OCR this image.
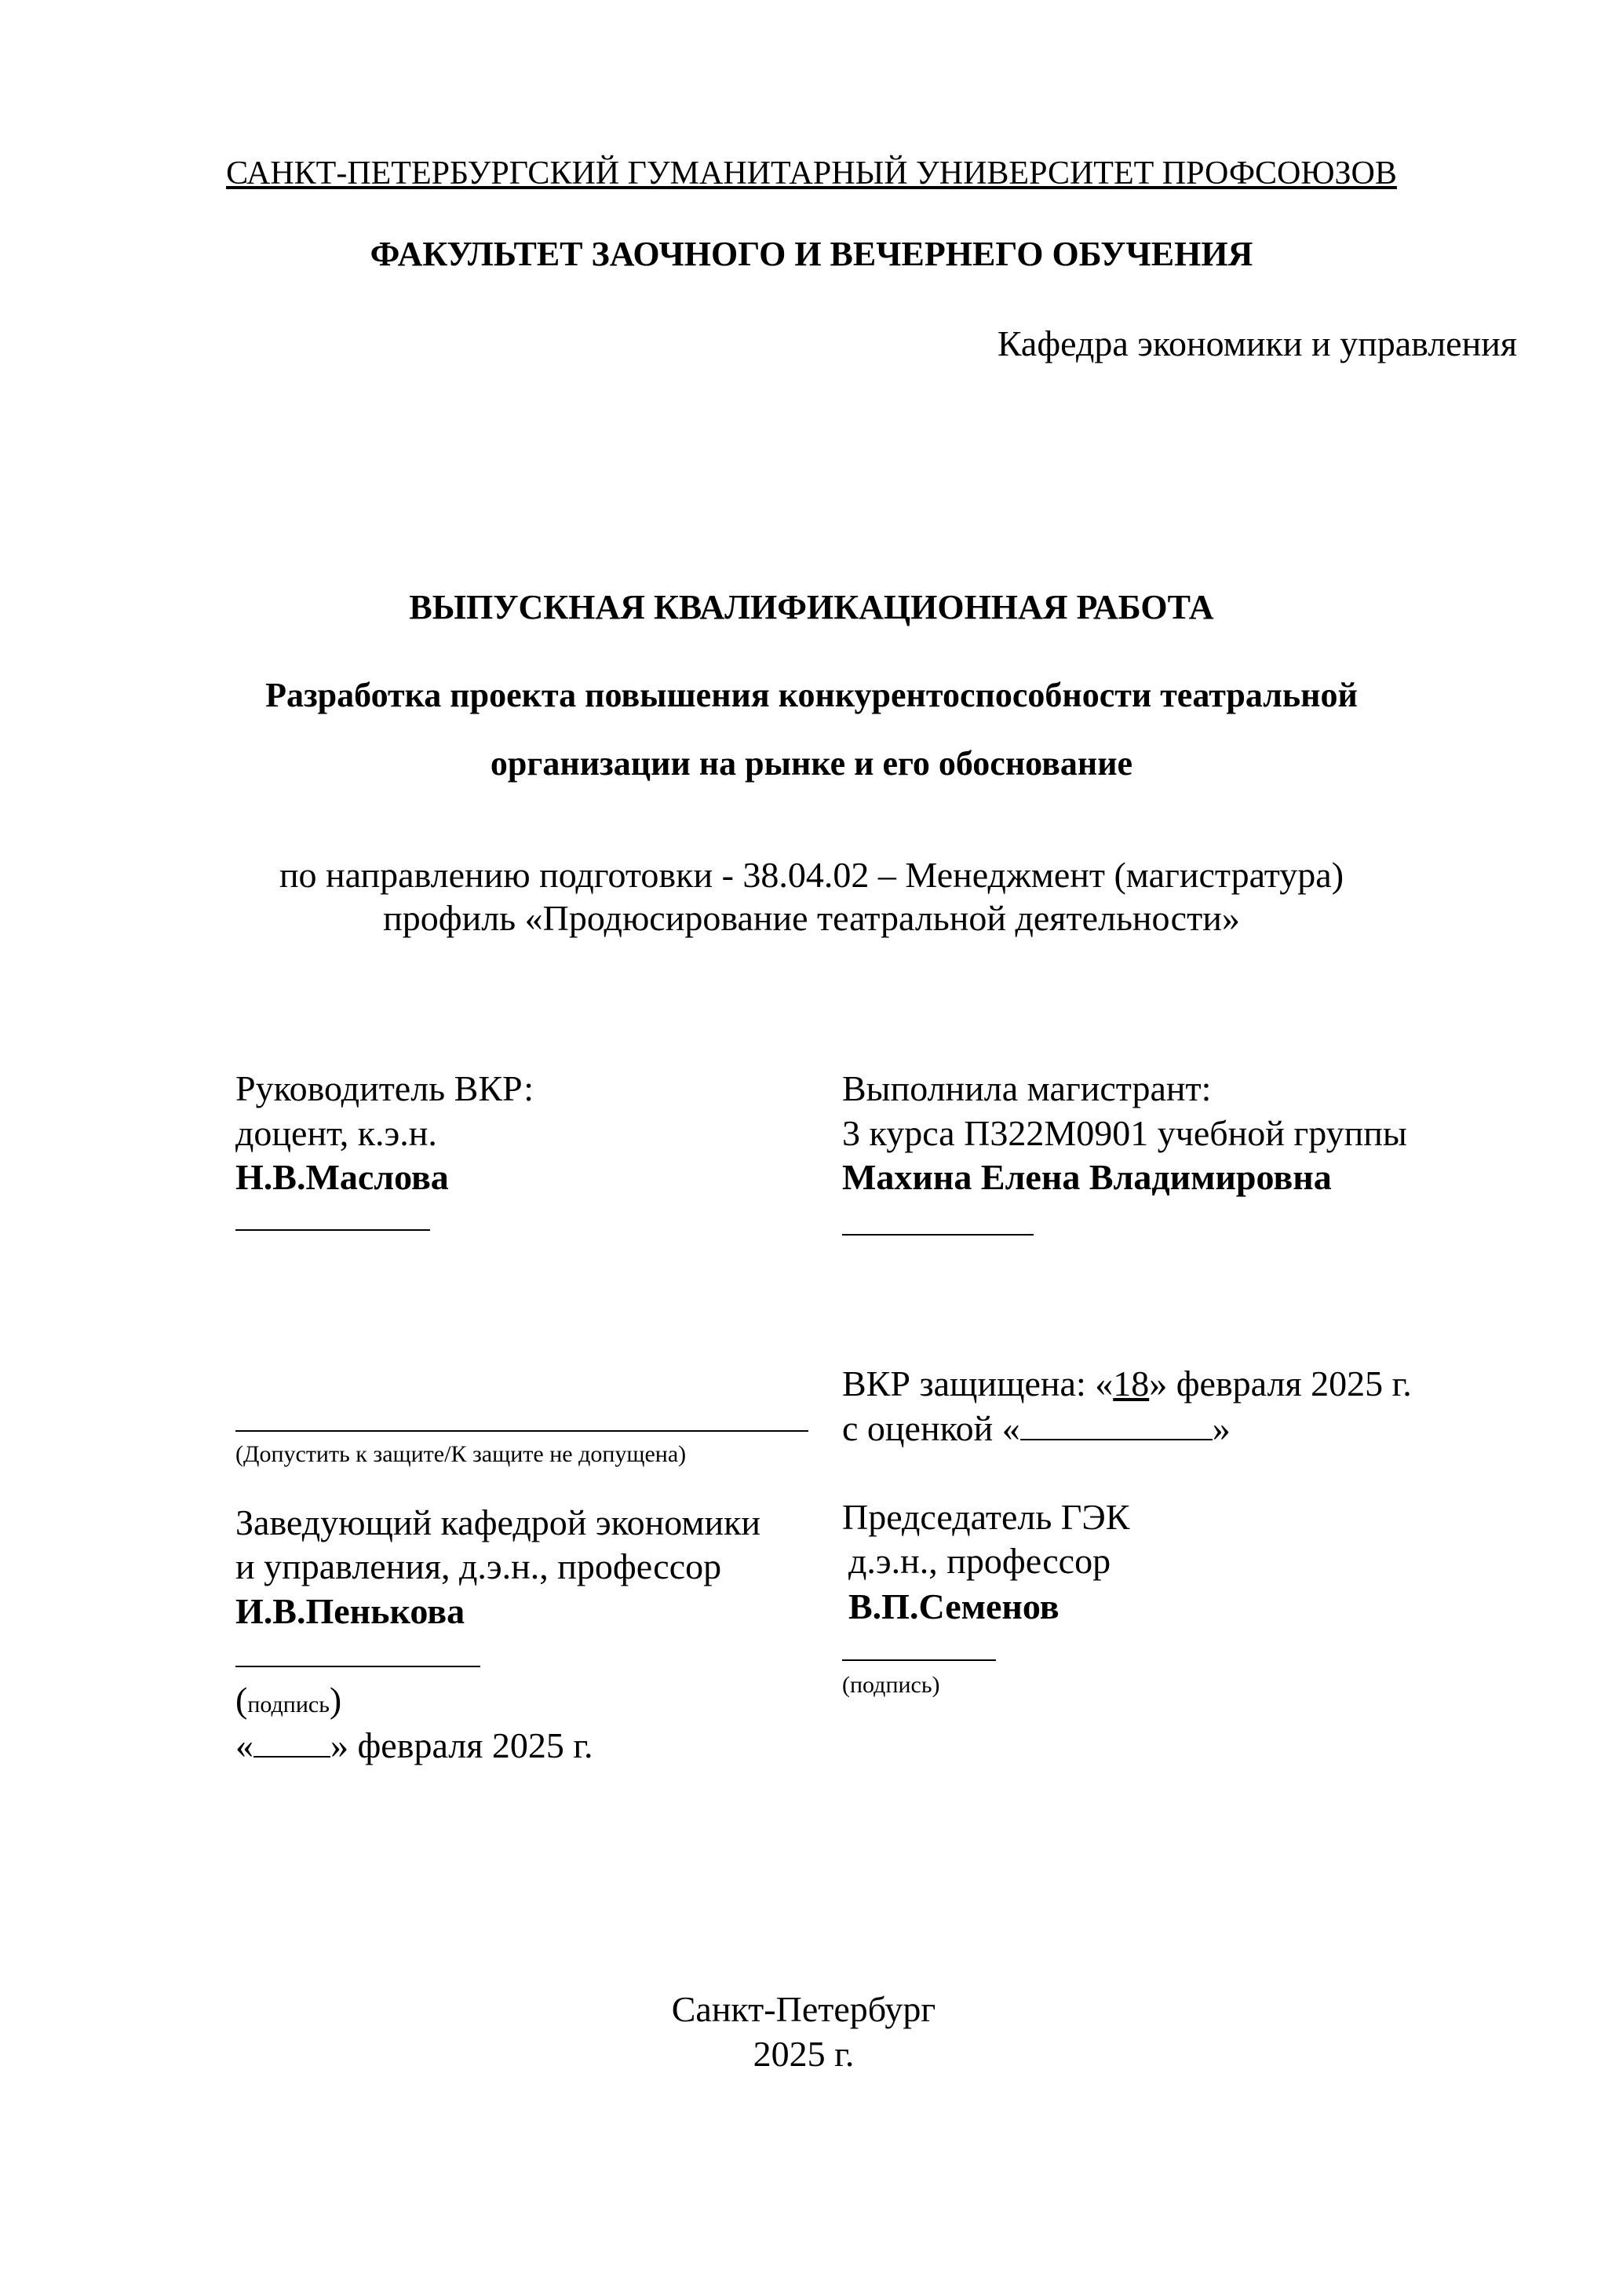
САНКТ-ПЕТЕРБУРГСКИЙ ГУМАНИТАРНЫЙ УНИВЕРСИТЕТ ПРОФСОЮЗОВ
ФАКУЛЬТЕТ ЗАОЧНОГО И ВЕЧЕРНЕГО ОБУЧЕНИЯ
Кафедра экономики и управления
ВЫПУСКНАЯ КВАЛИФИКАЦИОННАЯ РАБОТА
Разработка проекта повышения конкурентоспособности театральной
организации на рынке и его обоснование
по направлению подготовки - 38.04.02 – Менеджмент (магистратура)
профиль «Продюсирование театральной деятельности»
Руководитель ВКР:
доцент, к.э.н.
Н.В.Маслова
(Допустить к защите/К защите не допущена)
Заведующий кафедрой экономики
и управления, д.э.н., профессор
И.В.Пенькова
(подпись)
« » февраля 2025 г.
Выполнила магистрант:
3 курса П322М0901 учебной группы
Махина Елена Владимировна
ВКР защищена: «18» февраля 2025 г.
с оценкой «	»
Председатель ГЭК
д.э.н., профессор
В.П.Семенов
(подпись)
Санкт-Петербург
2025 г.
